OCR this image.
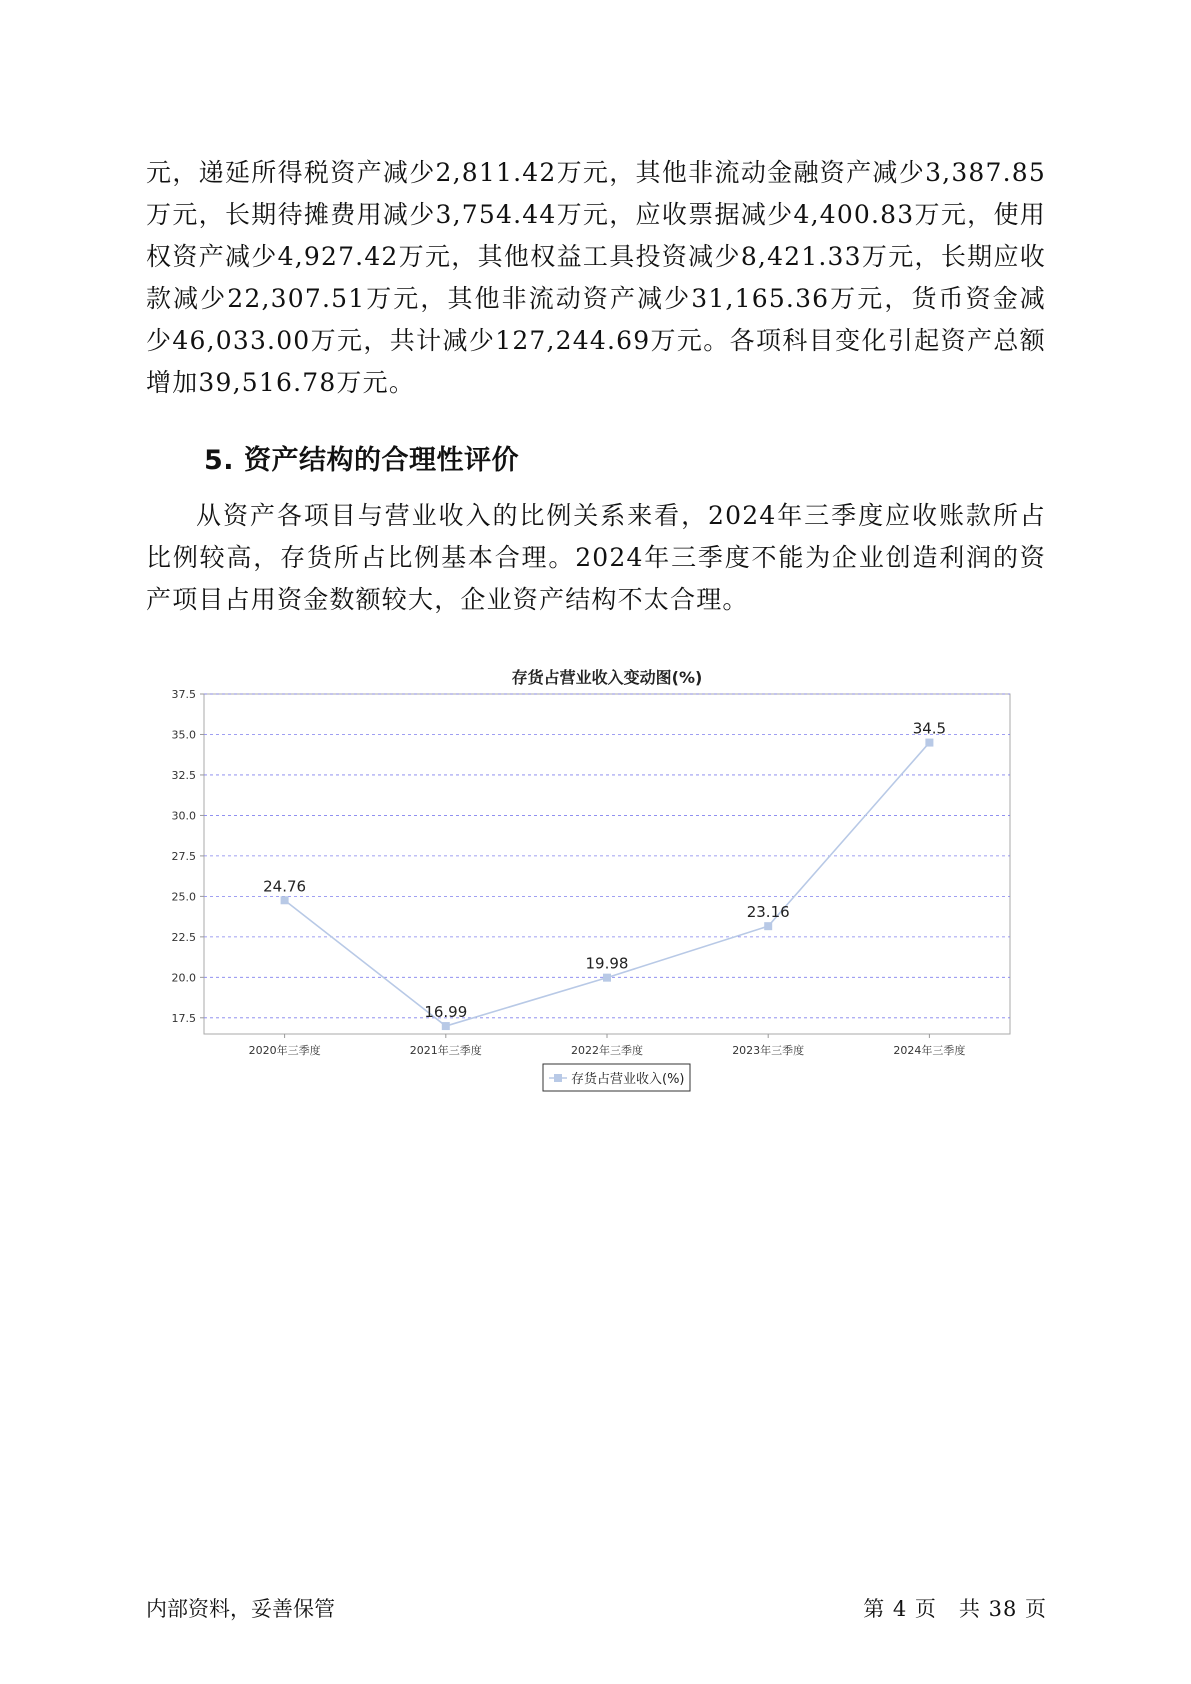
元，递延所得税资产减少2,811.42万元，其他非流动金融资产减少3,387.85万元，长期待摊费用减少3,754.44万元，应收票据减少4,400.83万元，使用权资产减少4,927.42万元，其他权益工具投资减少8,421.33万元，长期应收款减少22,307.51万元，其他非流动资产减少31,165.36万元，货币资金减少46,033.00万元，共计减少127,244.69万元。各项科目变化引起资产总额增加39,516.78万元。

5. 资产结构的合理性评价

从资产各项目与营业收入的比例关系来看，2024年三季度应收账款所占比例较高，存货所占比例基本合理。2024年三季度不能为企业创造利润的资产项目占用资金数额较大，企业资产结构不太合理。

存货占营业收入变动图(%)
17.5
20.0
22.5
25.0
27.5
30.0
32.5
35.0
37.5
2020年三季度	2021年三季度	2022年三季度	2023年三季度	2024年三季度
24.76
16.99
19.98
23.16
34.5
存货占营业收入(%)

内部资料，妥善保管	第 4 页　共 38 页
